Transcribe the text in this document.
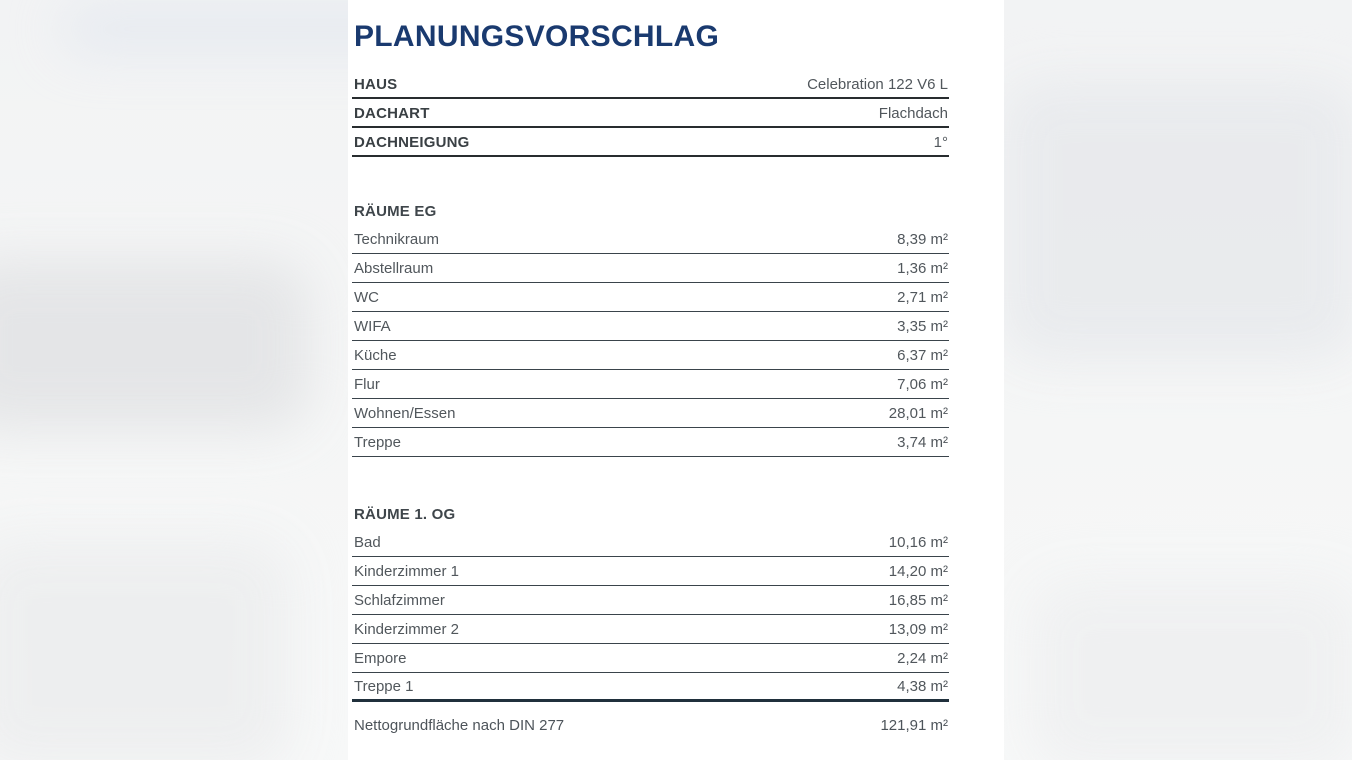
PLANUNGSVORSCHLAG
HAUS	Celebration 122 V6 L
DACHART	Flachdach
DACHNEIGUNG	1°
RÄUME EG
Technikraum	8,39 m²
Abstellraum	1,36 m²
WC	2,71 m²
WIFA	3,35 m²
Küche	6,37 m²
Flur	7,06 m²
Wohnen/Essen	28,01 m²
Treppe	3,74 m²
RÄUME 1. OG
Bad	10,16 m²
Kinderzimmer 1	14,20 m²
Schlafzimmer	16,85 m²
Kinderzimmer 2	13,09 m²
Empore	2,24 m²
Treppe 1	4,38 m²
Nettogrundfläche nach DIN 277	121,91 m²
